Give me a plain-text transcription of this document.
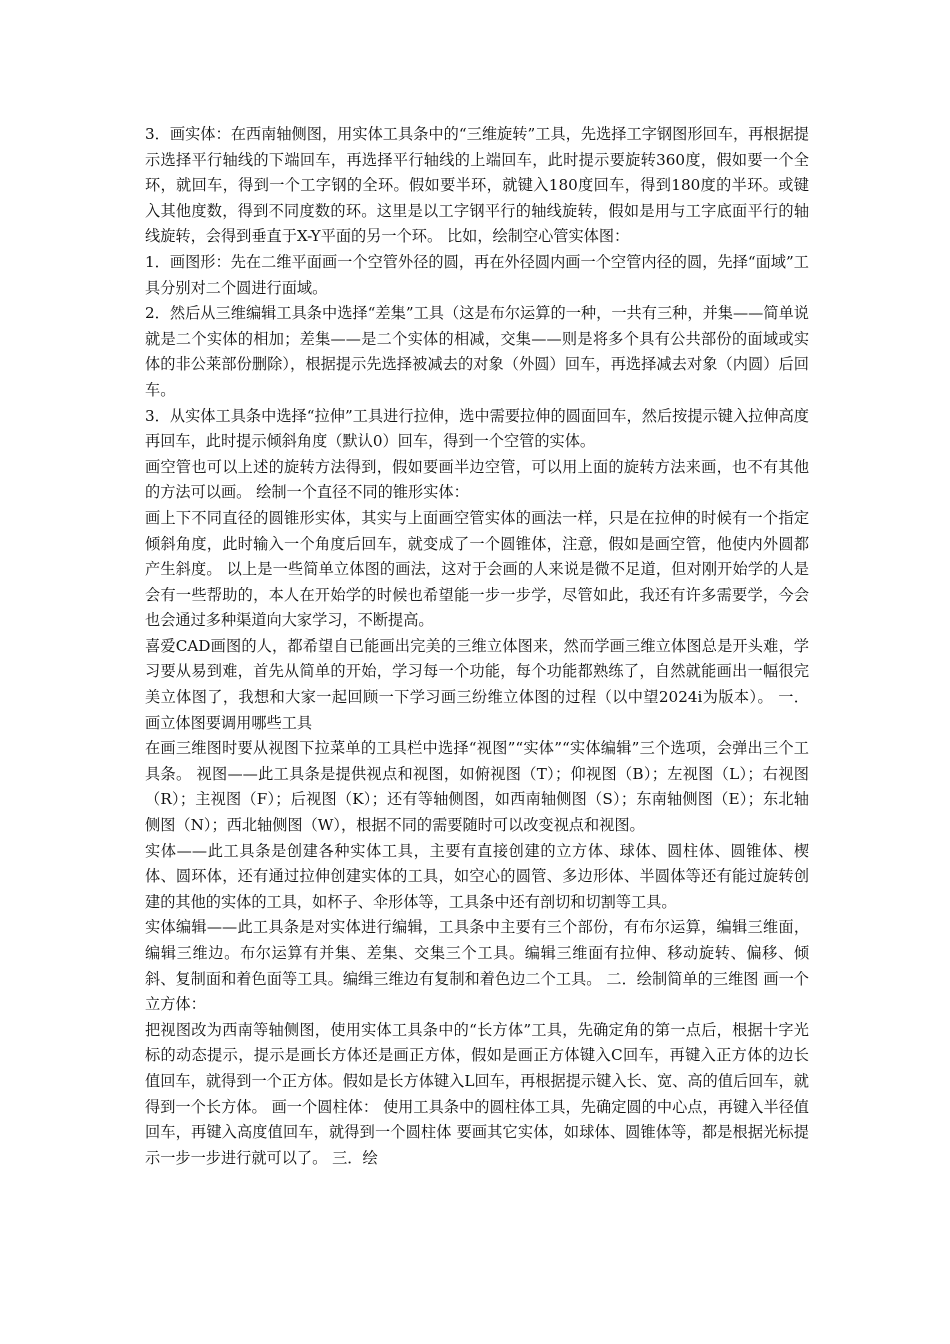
3．画实体：在西南轴侧图，用实体工具条中的“三维旋转”工具，先选择工字钢图形回车，再根据提示选择平行轴线的下端回车，再选择平行轴线的上端回车，此时提示要旋转360度，假如要一个全环，就回车，得到一个工字钢的全环。假如要半环，就键入180度回车，得到180度的半环。或键入其他度数，得到不同度数的环。这里是以工字钢平行的轴线旋转，假如是用与工字底面平行的轴线旋转，会得到垂直于X-Y平面的另一个环。 比如，绘制空心管实体图：

1．画图形：先在二维平面画一个空管外径的圆，再在外径圆内画一个空管内径的圆，先择“面域”工具分别对二个圆进行面域。

2．然后从三维编辑工具条中选择“差集”工具（这是布尔运算的一种，一共有三种，并集——简单说就是二个实体的相加；差集——是二个实体的相减，交集——则是将多个具有公共部份的面域或实体的非公莱部份删除），根据提示先选择被减去的对象（外圆）回车，再选择减去对象（内圆）后回车。

3．从实体工具条中选择“拉伸”工具进行拉伸，选中需要拉伸的圆面回车，然后按提示键入拉伸高度再回车，此时提示倾斜角度（默认0）回车，得到一个空管的实体。

画空管也可以上述的旋转方法得到，假如要画半边空管，可以用上面的旋转方法来画，也不有其他的方法可以画。 绘制一个直径不同的锥形实体：

画上下不同直径的圆锥形实体，其实与上面画空管实体的画法一样，只是在拉伸的时候有一个指定倾斜角度，此时输入一个角度后回车，就变成了一个圆锥体，注意，假如是画空管，他使内外圆都产生斜度。 以上是一些简单立体图的画法，这对于会画的人来说是微不足道，但对刚开始学的人是会有一些帮助的，本人在开始学的时候也希望能一步一步学，尽管如此，我还有许多需要学，今会也会通过多种渠道向大家学习，不断提高。

喜爱CAD画图的人，都希望自已能画出完美的三维立体图来，然而学画三维立体图总是开头难，学习要从易到难，首先从简单的开始，学习每一个功能，每个功能都熟练了，自然就能画出一幅很完美立体图了，我想和大家一起回顾一下学习画三纷维立体图的过程（以中望2024i为版本）。 一． 画立体图要调用哪些工具

在画三维图时要从视图下拉菜单的工具栏中选择“视图”“实体”“实体编辑”三个选项，会弹出三个工具条。 视图——此工具条是提供视点和视图，如俯视图（T）；仰视图（B）；左视图（L）；右视图（R）；主视图（F）；后视图（K）；还有等轴侧图，如西南轴侧图（S）；东南轴侧图（E）；东北轴侧图（N）；西北轴侧图（W），根据不同的需要随时可以改变视点和视图。

实体——此工具条是创建各种实体工具，主要有直接创建的立方体、球体、圆柱体、圆锥体、楔体、圆环体，还有通过拉伸创建实体的工具，如空心的圆管、多边形体、半圆体等还有能过旋转创建的其他的实体的工具，如杯子、伞形体等，工具条中还有剖切和切割等工具。

实体编辑——此工具条是对实体进行编辑，工具条中主要有三个部份，有布尔运算，编辑三维面，编辑三维边。布尔运算有并集、差集、交集三个工具。编辑三维面有拉伸、移动旋转、偏移、倾斜、复制面和着色面等工具。编缉三维边有复制和着色边二个工具。 二．绘制简单的三维图 画一个立方体：

把视图改为西南等轴侧图，使用实体工具条中的“长方体”工具，先确定角的第一点后，根据十字光标的动态提示，提示是画长方体还是画正方体，假如是画正方体键入C回车，再键入正方体的边长值回车，就得到一个正方体。假如是长方体键入L回车，再根据提示键入长、宽、高的值后回车，就得到一个长方体。 画一个圆柱体： 使用工具条中的圆柱体工具，先确定圆的中心点，再键入半径值回车，再键入高度值回车，就得到一个圆柱体 要画其它实体，如球体、圆锥体等，都是根据光标提示一步一步进行就可以了。 三．绘
